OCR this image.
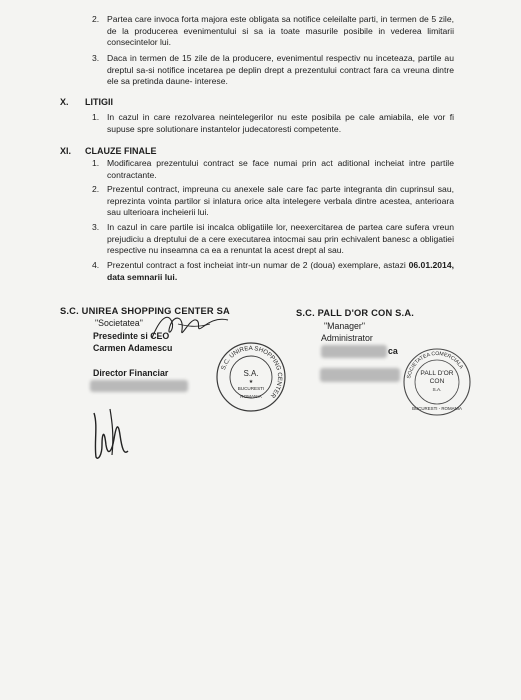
2. Partea care invoca forta majora este obligata sa notifice celeilalte parti, in termen de 5 zile, de la producerea evenimentului si sa ia toate masurile posibile in vederea limitarii consecintelor lui.
3. Daca in termen de 15 zile de la producere, evenimentul respectiv nu inceteaza, partile au dreptul sa-si notifice incetarea pe deplin drept a prezentului contract fara ca vreuna dintre ele sa pretinda daune- interese.
X. LITIGII
1. In cazul in care rezolvarea neintelegerilor nu este posibila pe cale amiabila, ele vor fi supuse spre solutionare instantelor judecatoresti competente.
XI. CLAUZE FINALE
1. Modificarea prezentului contract se face numai prin act aditional incheiat intre partile contractante.
2. Prezentul contract, impreuna cu anexele sale care fac parte integranta din cuprinsul sau, reprezinta vointa partilor si inlatura orice alta intelegere verbala dintre acestea, anterioara sau ulterioara incheierii lui.
3. In cazul in care partile isi incalca obligatiile lor, neexercitarea de partea care sufera vreun prejudiciu a dreptului de a cere executarea intocmai sau prin echivalent banesc a obligatiei respective nu inseamna ca ea a renuntat la acest drept al sau.
4. Prezentul contract a fost incheiat intr-un numar de 2 (doua) exemplare, astazi 06.01.2014, data semnarii lui.
S.C. UNIREA SHOPPING CENTER SA
"Societatea"
Presedinte si CEO
Carmen Adamescu
Director Financiar
S.C. UNIREA SHOPPING CENTER
S.A.
★
BUCURESTI
ROMANIA
S.C. PALL D'OR CON S.A.
"Manager"
Administrator
ca
SOCIETATEA COMERCIALA
PALL D'OR
CON
S.A.
BUCURESTI - ROMANIA
